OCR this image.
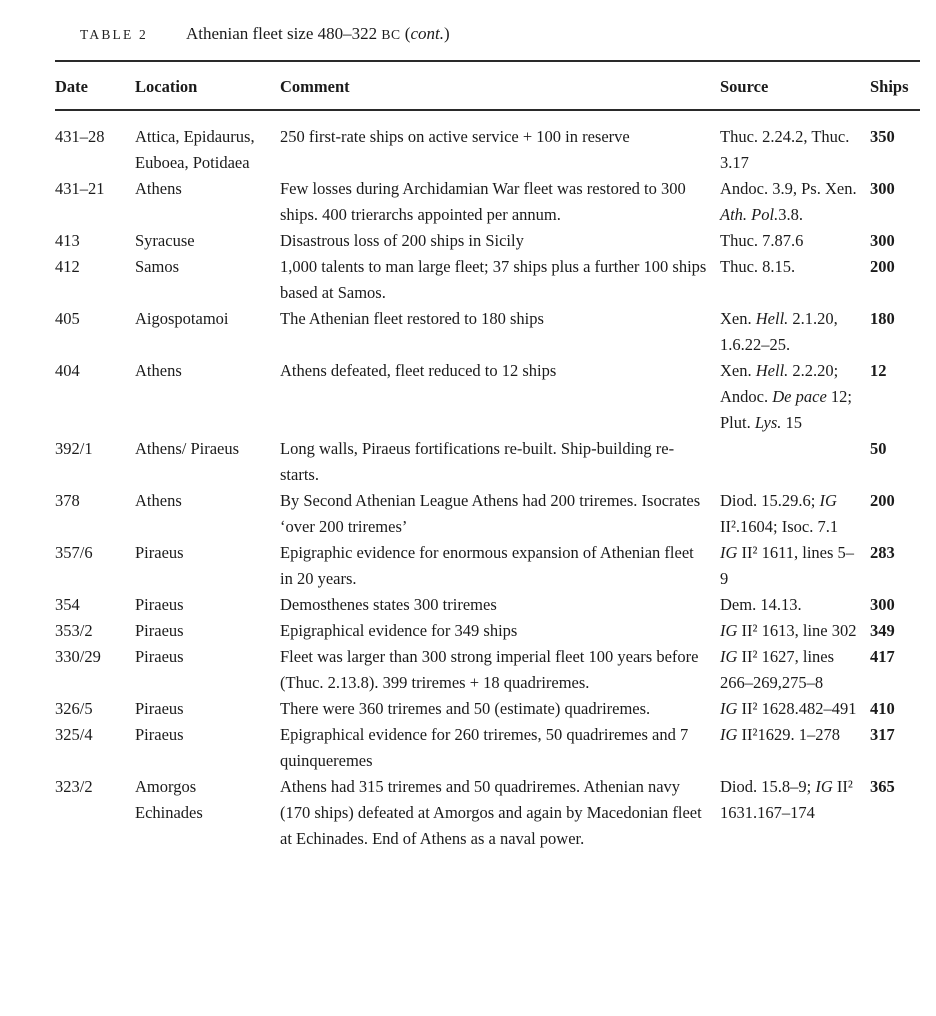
TABLE 2 Athenian fleet size 480–322 BC (cont.)
Date	Location	Comment	Source	Ships
431–28	Attica, Epidaurus, Euboea, Potidaea	250 first-rate ships on active service + 100 in reserve	Thuc. 2.24.2, Thuc. 3.17	350
431–21	Athens	Few losses during Archidamian War fleet was restored to 300 ships. 400 trierarchs appointed per annum.	Andoc. 3.9, Ps. Xen. Ath. Pol.3.8.	300
413	Syracuse	Disastrous loss of 200 ships in Sicily	Thuc. 7.87.6	300
412	Samos	1,000 talents to man large fleet; 37 ships plus a further 100 ships based at Samos.	Thuc. 8.15.	200
405	Aigospotamoi	The Athenian fleet restored to 180 ships	Xen. Hell. 2.1.20, 1.6.22–25.	180
404	Athens	Athens defeated, fleet reduced to 12 ships	Xen. Hell. 2.2.20; Andoc. De pace 12; Plut. Lys. 15	12
392/1	Athens/ Piraeus	Long walls, Piraeus fortifications re-built. Ship-building re-starts.		50
378	Athens	By Second Athenian League Athens had 200 triremes. Isocrates ‘over 200 triremes’	Diod. 15.29.6; IG II².1604; Isoc. 7.1	200
357/6	Piraeus	Epigraphic evidence for enormous expansion of Athenian fleet in 20 years.	IG II² 1611, lines 5–9	283
354	Piraeus	Demosthenes states 300 triremes	Dem. 14.13.	300
353/2	Piraeus	Epigraphical evidence for 349 ships	IG II² 1613, line 302	349
330/29	Piraeus	Fleet was larger than 300 strong imperial fleet 100 years before (Thuc. 2.13.8). 399 triremes + 18 quadriremes.	IG II² 1627, lines 266–269,275–8	417
326/5	Piraeus	There were 360 triremes and 50 (estimate) quadriremes.	IG II² 1628.482–491	410
325/4	Piraeus	Epigraphical evidence for 260 triremes, 50 quadriremes and 7 quinqueremes	IG II²1629. 1–278	317
323/2	Amorgos Echinades	Athens had 315 triremes and 50 quadriremes. Athenian navy (170 ships) defeated at Amorgos and again by Macedonian fleet at Echinades. End of Athens as a naval power.	Diod. 15.8–9; IG II² 1631.167–174	365
